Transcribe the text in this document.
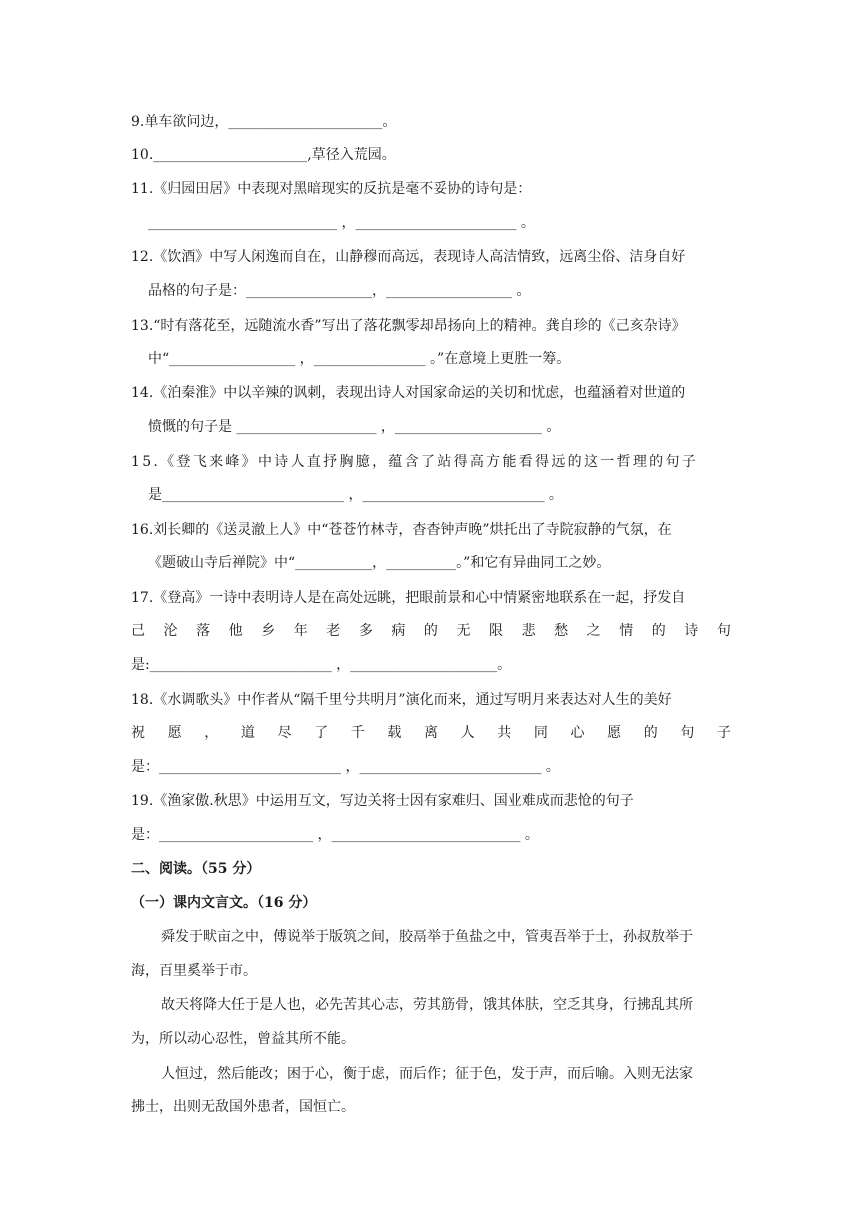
9.单车欲问边，______________________。
10.______________________,草径入荒园。
11.《归园田居》中表现对黑暗现实的反抗是毫不妥协的诗句是：
___________________________ ，_______________________ 。
12.《饮酒》中写人闲逸而自在，山静穆而高远，表现诗人高洁情致，远离尘俗、洁身自好
品格的句子是：__________________，__________________ 。
13.“时有落花至，远随流水香”写出了落花飘零却昂扬向上的精神。龚自珍的《己亥杂诗》
中“__________________ ，________________ 。”在意境上更胜一筹。
14.《泊秦淮》中以辛辣的讽刺，表现出诗人对国家命运的关切和忧虑，也蕴涵着对世道的
愤慨的句子是 ____________________ ，_____________________ 。
15.《登飞来峰》中诗人直抒胸臆，蕴含了站得高方能看得远的这一哲理的句子
是__________________________ ，__________________________ 。
16.刘长卿的《送灵澈上人》中“苍苍竹林寺，杳杳钟声晚”烘托出了寺院寂静的气氛，在
《题破山寺后禅院》中“___________，__________。”和它有异曲同工之妙。
17.《登高》一诗中表明诗人是在高处远眺，把眼前景和心中情紧密地联系在一起，抒发自
己 沦 落 他 乡 年 老 多 病 的 无 限 悲 愁 之 情 的 诗 句
是:__________________________ ，_____________________。
18.《水调歌头》中作者从“隔千里兮共明月”演化而来，通过写明月来表达对人生的美好
祝 愿 ， 道 尽 了 千 载 离 人 共 同 心 愿 的 句 子
是：__________________________ ，__________________________ 。
19.《渔家傲.秋思》中运用互文，写边关将士因有家难归、国业难成而悲怆的句子
是：______________________ ，___________________________ 。
二、阅读。（55 分）
（一）课内文言文。（16 分）
舜发于畎亩之中，傅说举于版筑之间，胶鬲举于鱼盐之中，管夷吾举于士，孙叔敖举于
海，百里奚举于市。
故天将降大任于是人也，必先苦其心志，劳其筋骨，饿其体肤，空乏其身，行拂乱其所
为，所以动心忍性，曾益其所不能。
人恒过，然后能改；困于心，衡于虑，而后作；征于色，发于声，而后喻。入则无法家
拂士，出则无敌国外患者，国恒亡。
